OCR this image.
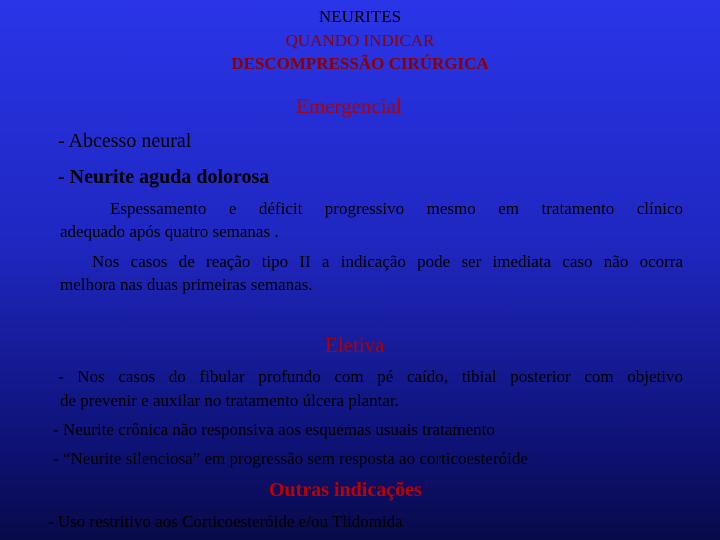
NEURITES
QUANDO INDICAR
DESCOMPRESSÃO CIRÚRGICA
Emergencial
- Abcesso neural
- Neurite aguda dolorosa
Espessamento e déficit progressivo mesmo em tratamento clínico
adequado após quatro semanas .
Nos casos de reação tipo II a indicação pode ser imediata caso não ocorra
melhora nas duas primeiras semanas.
Eletiva
- Nos casos do fibular profundo com pé caído, tibial posterior com objetivo
de prevenir e auxilar no tratamento úlcera plantar.
- Neurite crônica não responsiva aos esquemas usuais tratamento
- “Neurite silenciosa” em progressão sem resposta ao corticoesteróide
Outras indicações
- Uso restritivo aos Corticoesteróide e/ou Tlidomida
